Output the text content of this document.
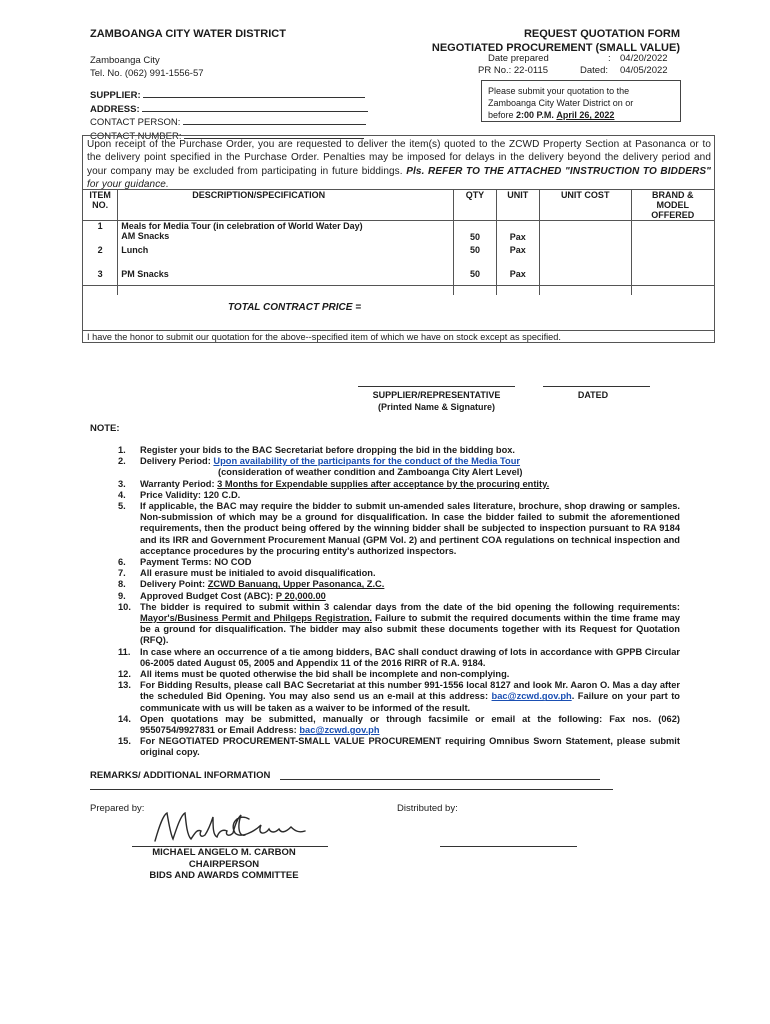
ZAMBOANGA CITY WATER DISTRICT
Zamboanga City
Tel. No. (062) 991-1556-57
REQUEST QUOTATION FORM
NEGOTIATED PROCUREMENT (SMALL VALUE)
Date prepared	: 04/20/2022
PR No.: 22-0115	Dated: 04/05/2022
SUPPLIER:
ADDRESS:
CONTACT PERSON:
CONTACT NUMBER:
Please submit your quotation to the
Zamboanga City Water District on or
before 2:00 P.M. April 26, 2022
Upon receipt of the Purchase Order, you are requested to deliver the item(s) quoted to the ZCWD Property Section at Pasonanca or to the delivery point specified in the Purchase Order. Penalties may be imposed for delays in the delivery beyond the delivery period and your company may be excluded from participating in future biddings. Pls. REFER TO THE ATTACHED "INSTRUCTION TO BIDDERS" for your guidance.
ITEM NO.	DESCRIPTION/SPECIFICATION	QTY	UNIT	UNIT COST	BRAND & MODEL OFFERED
1	Meals for Media Tour (in celebration of World Water Day)
AM Snacks	50	Pax		
2	Lunch	50	Pax		
3	PM Snacks	50	Pax		
TOTAL CONTRACT PRICE =
I have the honor to submit our quotation for the above--specified item of which we have on stock except as specified.
SUPPLIER/REPRESENTATIVE
(Printed Name & Signature)
DATED
NOTE:
1.	Register your bids to the BAC Secretariat before dropping the bid in the bidding box.
2.	Delivery Period: Upon availability of the participants for the conduct of the Media Tour
(consideration of weather condition and Zamboanga City Alert Level)
3.	Warranty Period: 3 Months for Expendable supplies after acceptance by the procuring entity.
4.	Price Validity: 120 C.D.
5.	If applicable, the BAC may require the bidder to submit un-amended sales literature, brochure, shop drawing or samples. Non-submission of which may be a ground for disqualification. In case the bidder failed to submit the aforementioned requirements, then the product being offered by the winning bidder shall be subjected to inspection pursuant to RA 9184 and its IRR and Government Procurement Manual (GPM Vol. 2) and pertinent COA regulations on technical inspection and acceptance procedures by the procuring entity's authorized inspectors.
6.	Payment Terms: NO COD
7.	All erasure must be initialed to avoid disqualification.
8.	Delivery Point: ZCWD Banuang, Upper Pasonanca, Z.C.
9.	Approved Budget Cost (ABC): P 20,000.00
10. The bidder is required to submit within 3 calendar days from the date of the bid opening the following requirements: Mayor's/Business Permit and Philgeps Registration. Failure to submit the required documents within the time frame may be a ground for disqualification. The bidder may also submit these documents together with its Request for Quotation (RFQ).
11.	In case where an occurrence of a tie among bidders, BAC shall conduct drawing of lots in accordance with GPPB Circular 06-2005 dated August 05, 2005 and Appendix 11 of the 2016 RIRR of R.A. 9184.
12. All items must be quoted otherwise the bid shall be incomplete and non-complying.
13. For Bidding Results, please call BAC Secretariat at this number 991-1556 local 8127 and look Mr. Aaron O. Mas a day after the scheduled Bid Opening. You may also send us an e-mail at this address: bac@zcwd.gov.ph. Failure on your part to communicate with us will be taken as a waiver to be informed of the result.
14. Open quotations may be submitted, manually or through facsimile or email at the following: Fax nos. (062) 9550754/9927831 or Email Address: bac@zcwd.gov.ph
15. For NEGOTIATED PROCUREMENT-SMALL VALUE PROCUREMENT requiring Omnibus Sworn Statement, please submit original copy.
REMARKS/ ADDITIONAL INFORMATION
Prepared by:	Distributed by:
MICHAEL ANGELO M. CARBON
CHAIRPERSON
BIDS AND AWARDS COMMITTEE
